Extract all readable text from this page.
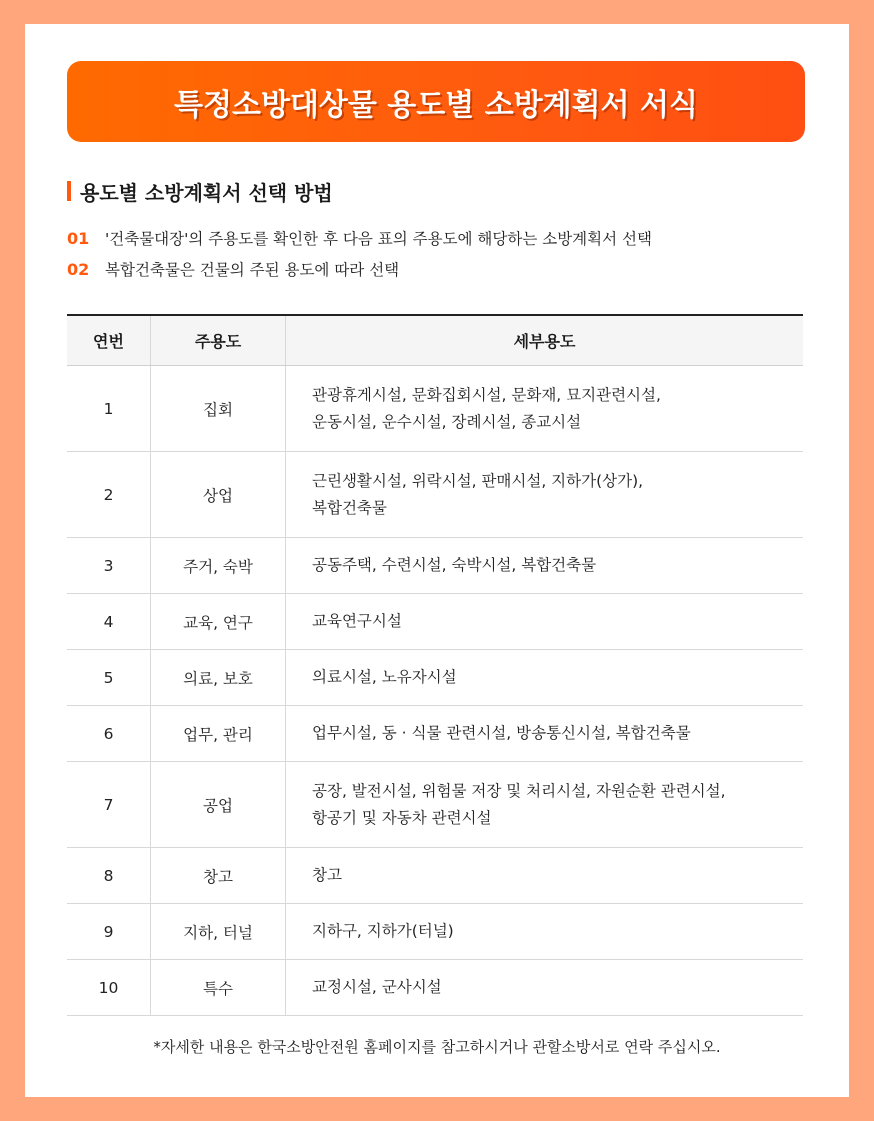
특정소방대상물 용도별 소방계획서 서식
용도별 소방계획서 선택 방법
01	'건축물대장'의 주용도를 확인한 후 다음 표의 주용도에 해당하는 소방계획서 선택
02	복합건축물은 건물의 주된 용도에 따라 선택
연번	주용도	세부용도
1	집회	관광휴게시설, 문화집회시설, 문화재, 묘지관련시설,
운동시설, 운수시설, 장례시설, 종교시설

2	상업	근린생활시설, 위락시설, 판매시설, 지하가(상가),
복합건축물

3	주거, 숙박	공동주택, 수련시설, 숙박시설, 복합건축물
4	교육, 연구	교육연구시설
5	의료, 보호	의료시설, 노유자시설
6	업무, 관리	업무시설, 동 · 식물 관련시설, 방송통신시설, 복합건축물
7	공업	공장, 발전시설, 위험물 저장 및 처리시설, 자원순환 관련시설,
항공기 및 자동차 관련시설

8	창고	창고
9	지하, 터널	지하구, 지하가(터널)
10	특수	교정시설, 군사시설
*자세한 내용은 한국소방안전원 홈페이지를 참고하시거나 관할소방서로 연락 주십시오.
